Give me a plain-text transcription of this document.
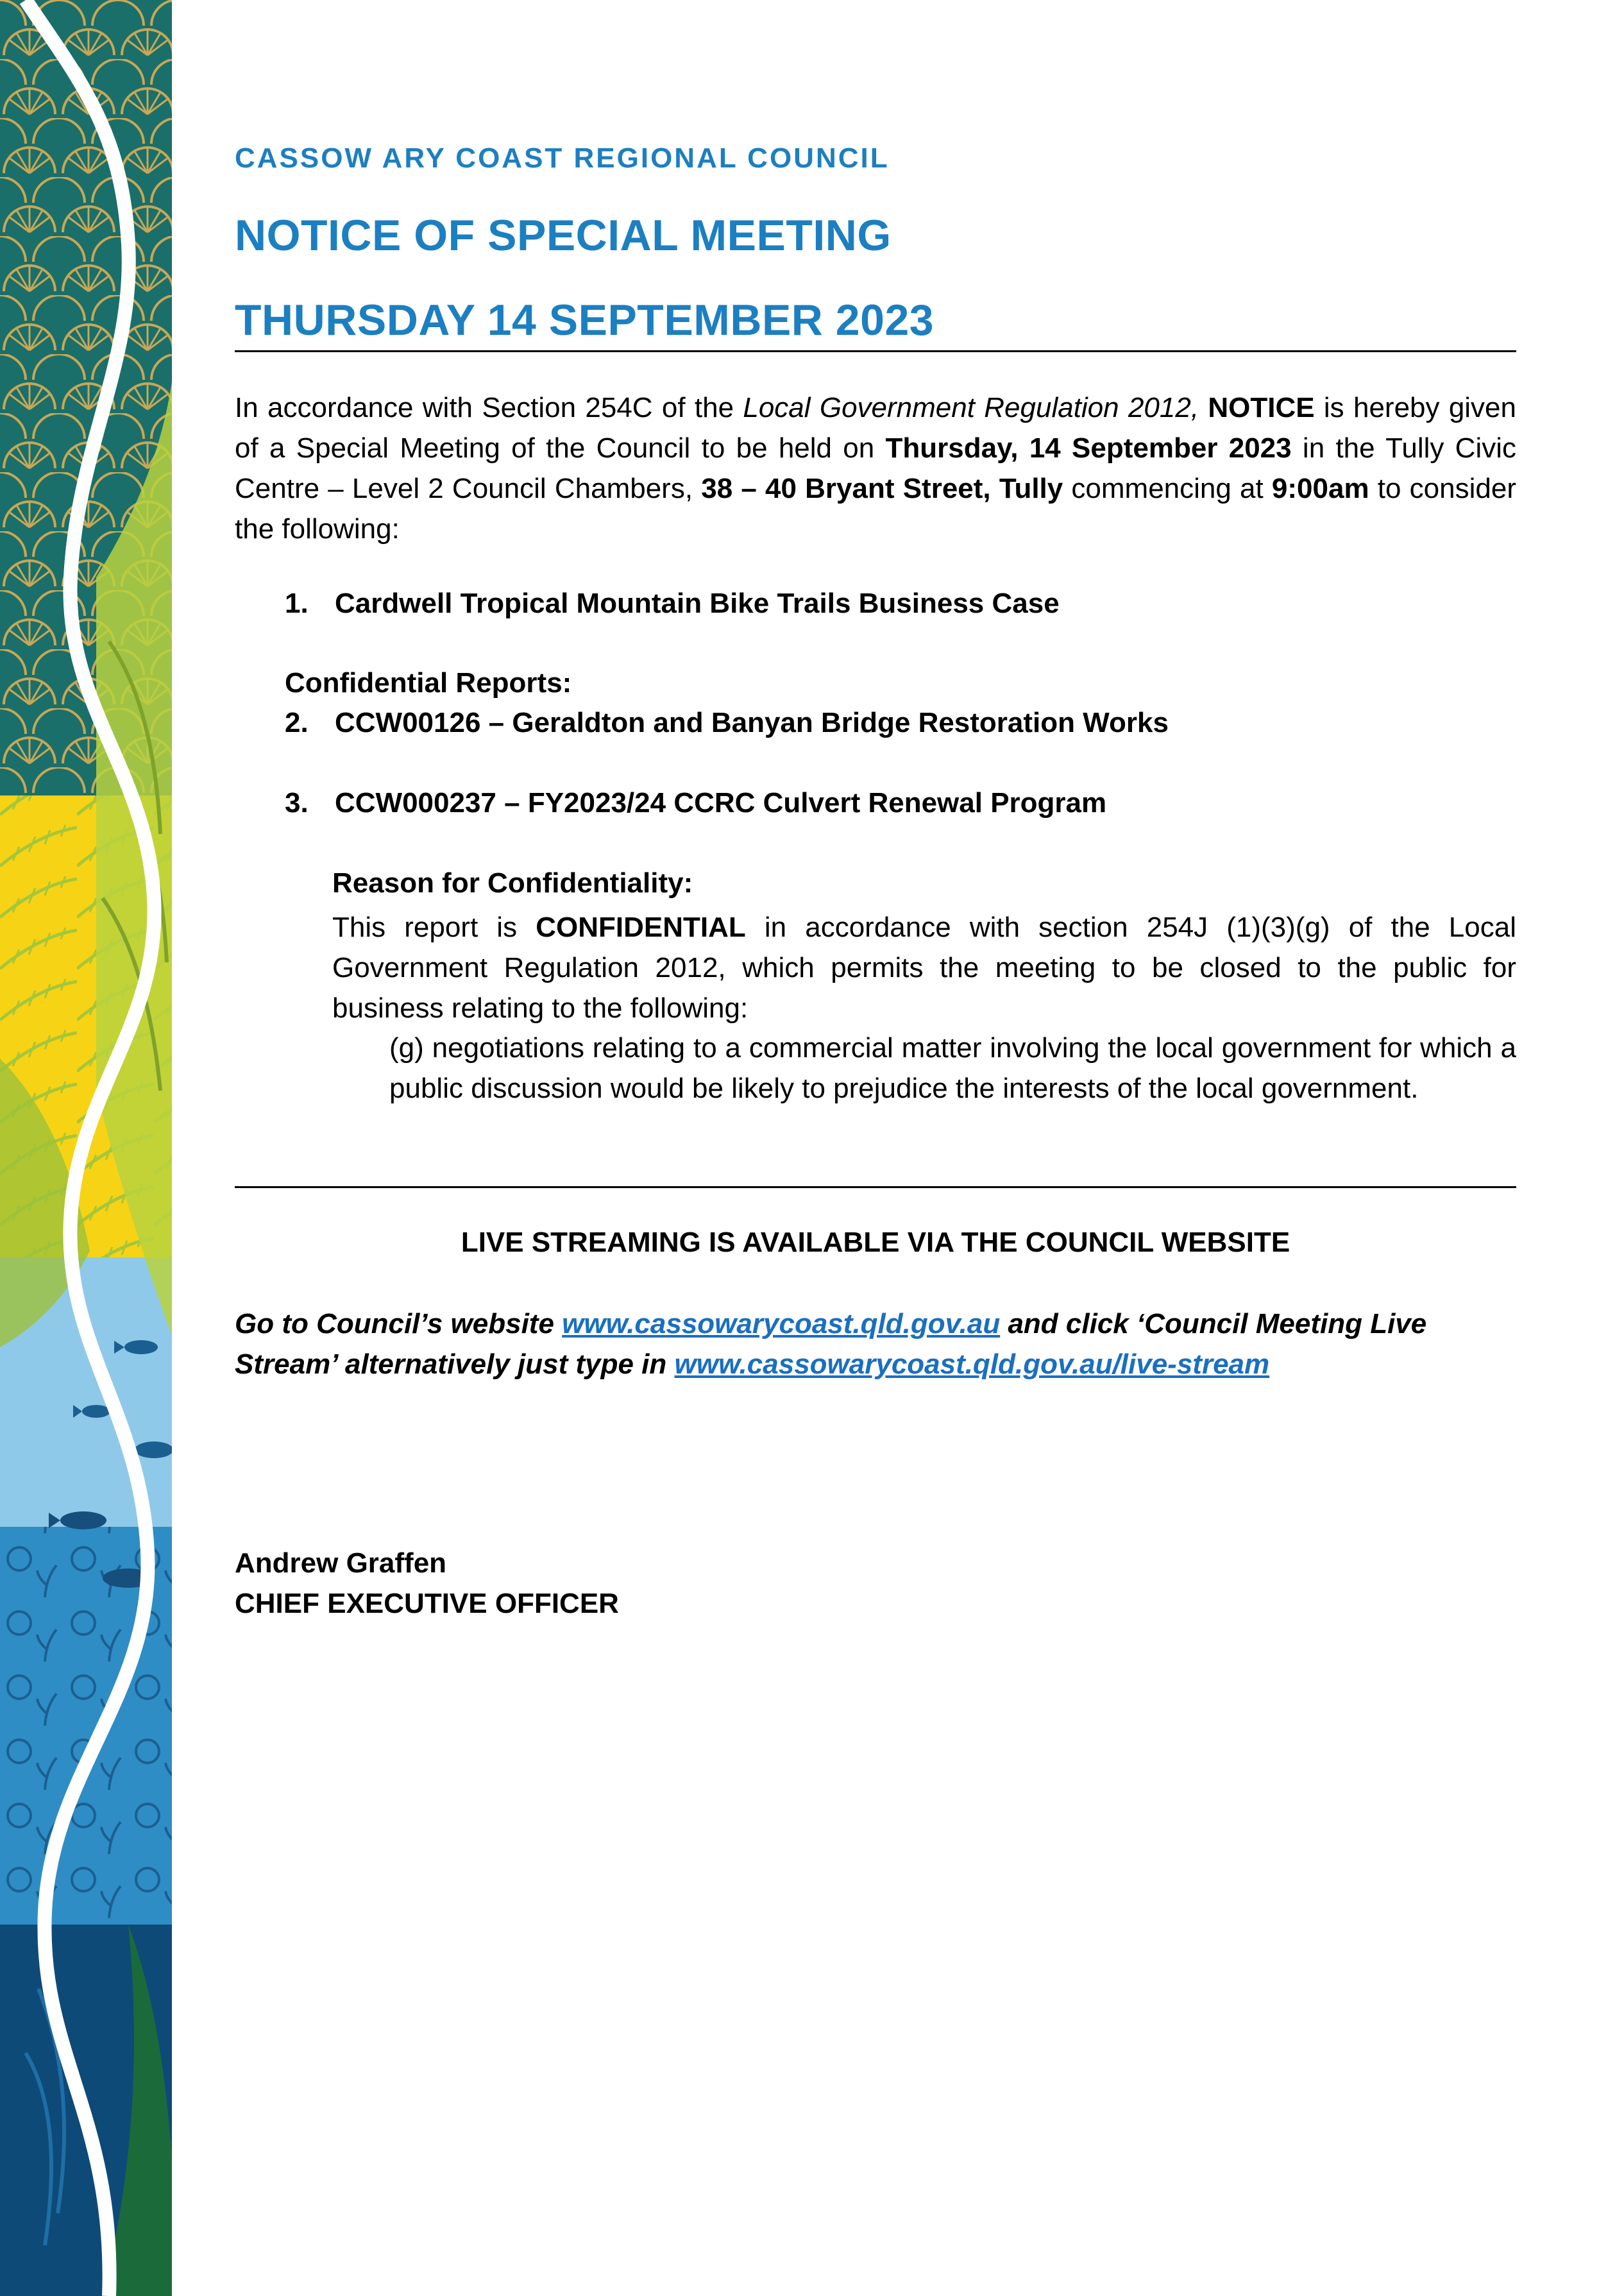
CASSOW ARY COAST REGIONAL COUNCIL
NOTICE OF SPECIAL MEETING
THURSDAY 14 SEPTEMBER 2023

In accordance with Section 254C of the Local Government Regulation 2012, NOTICE is hereby given of a Special Meeting of the Council to be held on Thursday, 14 September 2023 in the Tully Civic Centre – Level 2 Council Chambers, 38 – 40 Bryant Street, Tully commencing at 9:00am to consider the following:

1. Cardwell Tropical Mountain Bike Trails Business Case

Confidential Reports:

2. CCW00126 – Geraldton and Banyan Bridge Restoration Works

3. CCW000237 – FY2023/24 CCRC Culvert Renewal Program

Reason for Confidentiality:

This report is CONFIDENTIAL in accordance with section 254J (1)(3)(g) of the Local Government Regulation 2012, which permits the meeting to be closed to the public for business relating to the following:

(g) negotiations relating to a commercial matter involving the local government for which a public discussion would be likely to prejudice the interests of the local government.

LIVE STREAMING IS AVAILABLE VIA THE COUNCIL WEBSITE

Go to Council’s website www.cassowarycoast.qld.gov.au and click ‘Council Meeting Live Stream’ alternatively just type in www.cassowarycoast.qld.gov.au/live-stream

Andrew Graffen

CHIEF EXECUTIVE OFFICER
